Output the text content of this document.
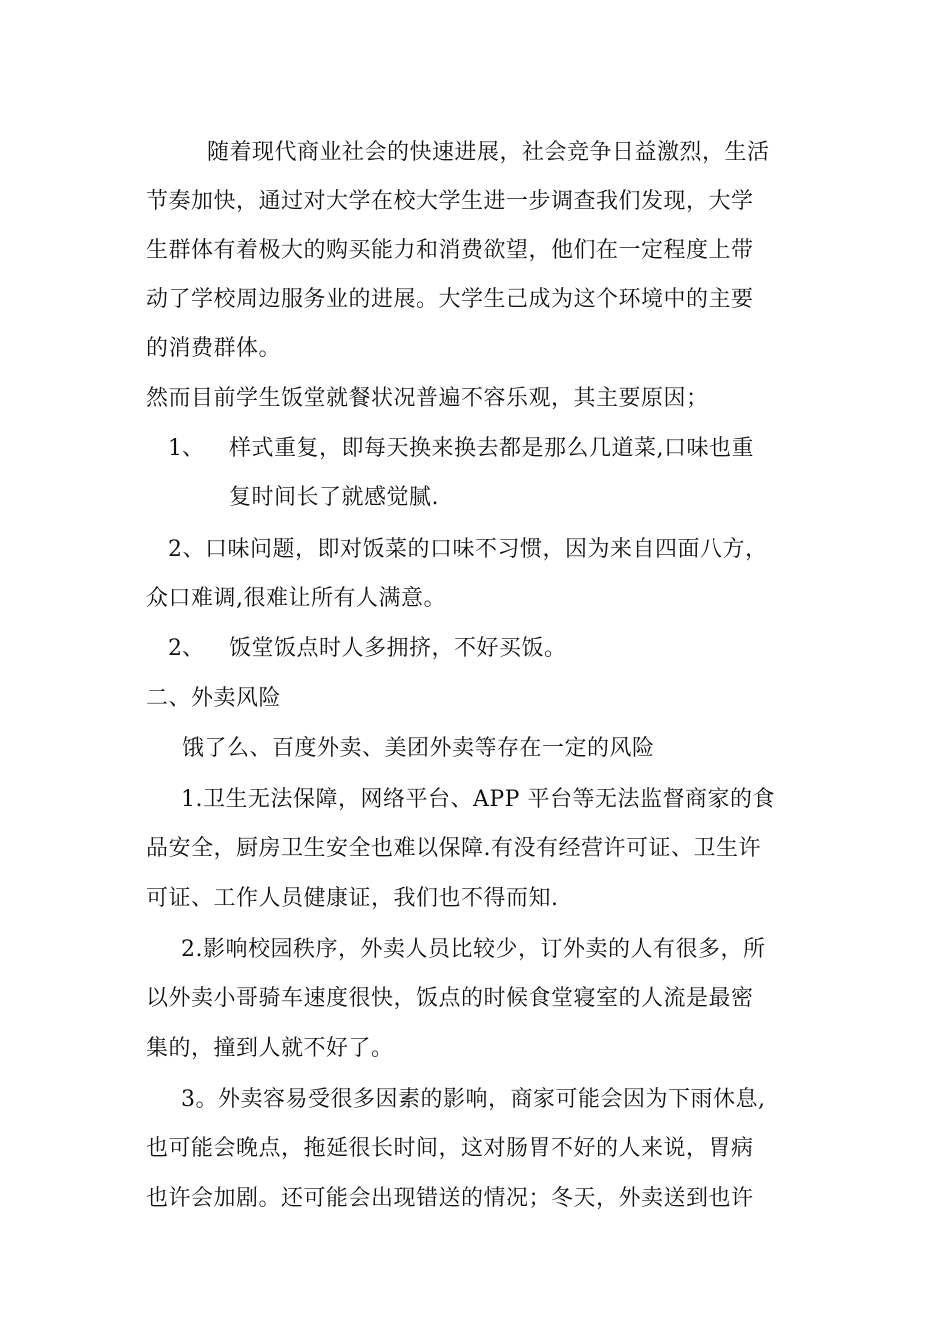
随着现代商业社会的快速进展，社会竞争日益激烈，生活
节奏加快，通过对大学在校大学生进一步调查我们发现，大学
生群体有着极大的购买能力和消费欲望，他们在一定程度上带
动了学校周边服务业的进展。大学生己成为这个环境中的主要
的消费群体。
然而目前学生饭堂就餐状况普遍不容乐观，其主要原因；
1、 样式重复，即每天换来换去都是那么几道菜,口味也重
复时间长了就感觉腻.
2、口味问题，即对饭菜的口味不习惯，因为来自四面八方，
众口难调,很难让所有人满意。
2、 饭堂饭点时人多拥挤，不好买饭。
二、外卖风险
饿了么、百度外卖、美团外卖等存在一定的风险
1.卫生无法保障，网络平台、APP 平台等无法监督商家的食
品安全，厨房卫生安全也难以保障.有没有经营许可证、卫生许
可证、工作人员健康证，我们也不得而知.
2.影响校园秩序，外卖人员比较少，订外卖的人有很多，所
以外卖小哥骑车速度很快，饭点的时候食堂寝室的人流是最密
集的，撞到人就不好了。
3。外卖容易受很多因素的影响，商家可能会因为下雨休息,
也可能会晚点，拖延很长时间，这对肠胃不好的人来说，胃病
也许会加剧。还可能会出现错送的情况；冬天，外卖送到也许
